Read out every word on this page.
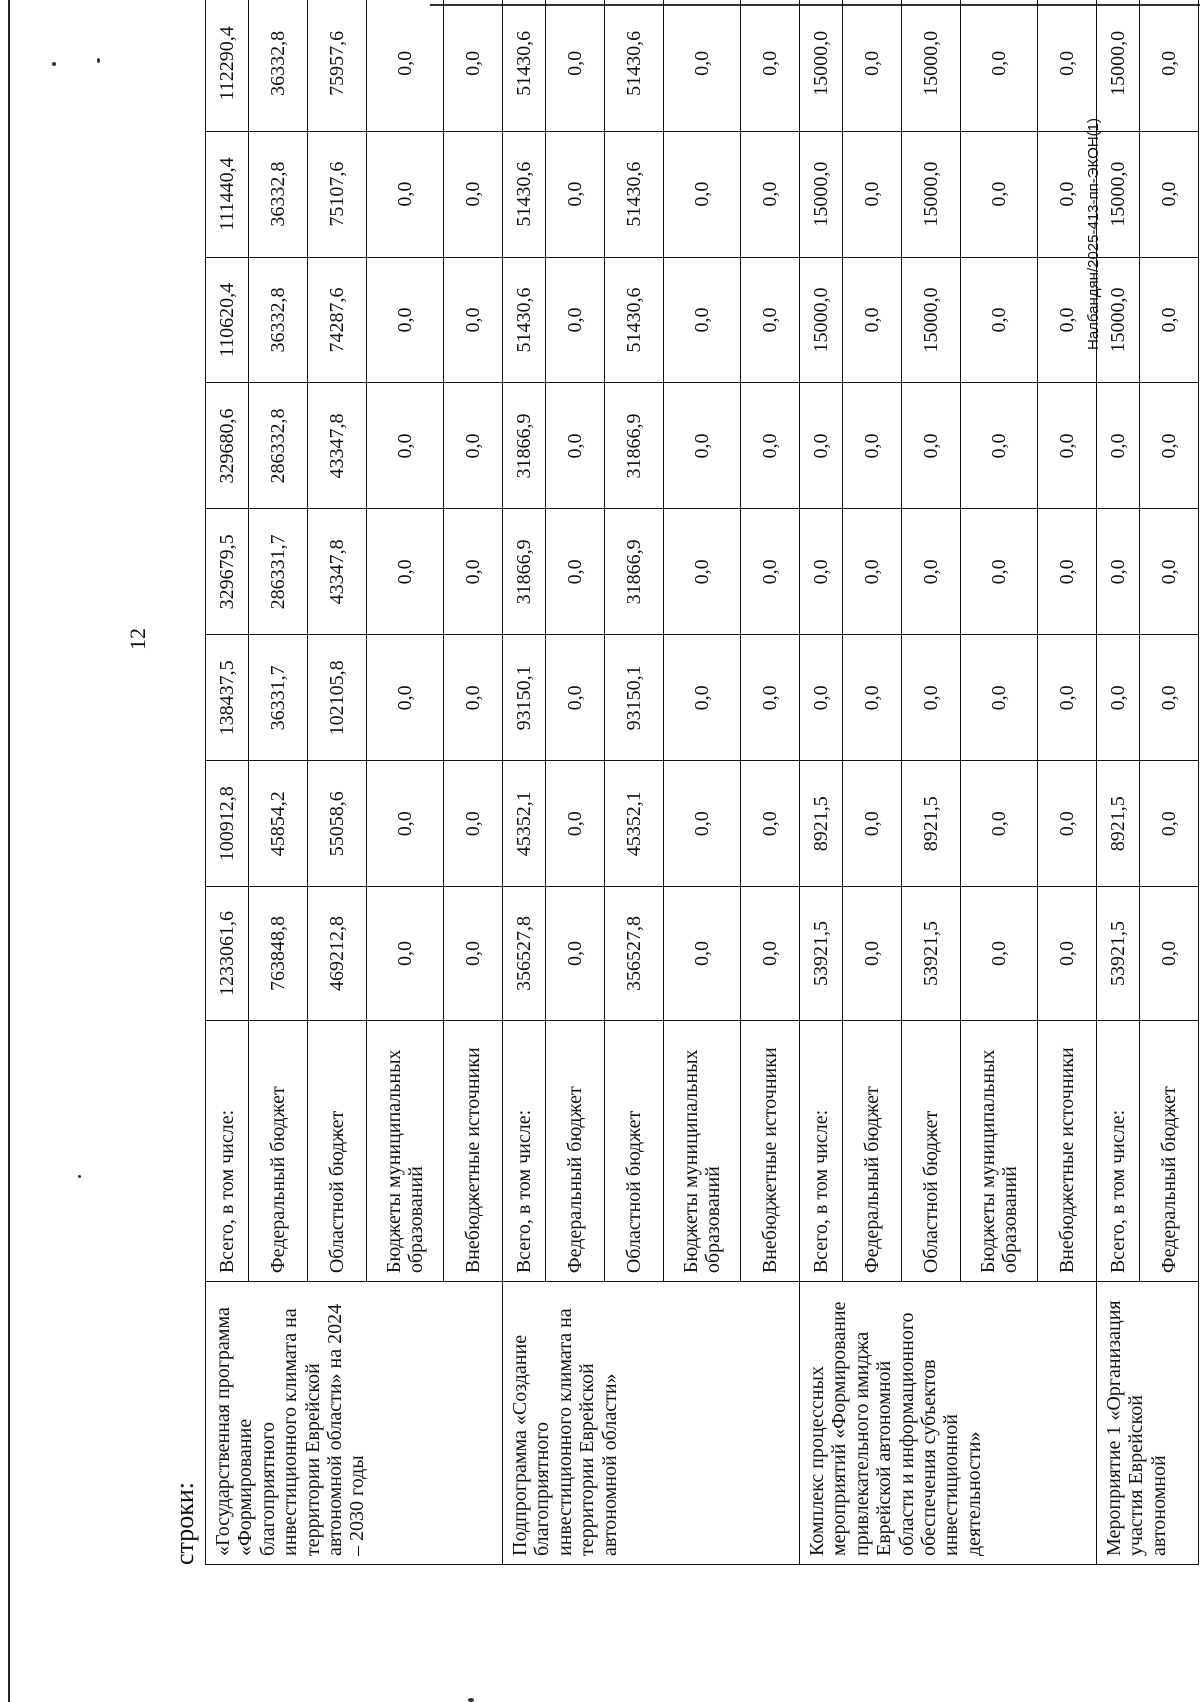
12
строки: «Государственная программа «Формирование благоприятного инвестиционного климата на территории Еврейской автономной области» на 2024 – 2030 годы	Всего, в том числе:	1233061,6	100912,8	138437,5	329679,5	329680,6	110620,4	111440,4	112290,4
	Федеральный бюджет	763848,8	45854,2	36331,7	286331,7	286332,8	36332,8	36332,8	36332,8
	Областной бюджет	469212,8	55058,6	102105,8	43347,8	43347,8	74287,6	75107,6	75957,6
	Бюджеты муниципальных образований	0,0	0,0	0,0	0,0	0,0	0,0	0,0	0,0
	Внебюджетные источники	0,0	0,0	0,0	0,0	0,0	0,0	0,0	0,0
Подпрограмма «Создание благоприятного инвестиционного климата на территории Еврейской автономной области»	Всего, в том числе:	356527,8	45352,1	93150,1	31866,9	31866,9	51430,6	51430,6	51430,6
	Федеральный бюджет	0,0	0,0	0,0	0,0	0,0	0,0	0,0	0,0
	Областной бюджет	356527,8	45352,1	93150,1	31866,9	31866,9	51430,6	51430,6	51430,6
	Бюджеты муниципальных образований	0,0	0,0	0,0	0,0	0,0	0,0	0,0	0,0
	Внебюджетные источники	0,0	0,0	0,0	0,0	0,0	0,0	0,0	0,0
Комплекс процессных мероприятий «Формирование привлекательного имиджа Еврейской автономной области и информационного обеспечения субъектов инвестиционной деятельности»	Всего, в том числе:	53921,5	8921,5	0,0	0,0	0,0	15000,0	15000,0	15000,0
	Федеральный бюджет	0,0	0,0	0,0	0,0	0,0	0,0	0,0	0,0
	Областной бюджет	53921,5	8921,5	0,0	0,0	0,0	15000,0	15000,0	15000,0
	Бюджеты муниципальных образований	0,0	0,0	0,0	0,0	0,0	0,0	0,0	0,0
	Внебюджетные источники	0,0	0,0	0,0	0,0	0,0	0,0	0,0	0,0
Мероприятие 1 «Организация участия Еврейской автономной	Всего, в том числе:	53921,5	8921,5	0,0	0,0	0,0	15000,0	15000,0	15000,0
	Федеральный бюджет	0,0	0,0	0,0	0,0	0,0	0,0	0,0	0,0
Налбандян/2025-413-пп-ЭКОН(1)
